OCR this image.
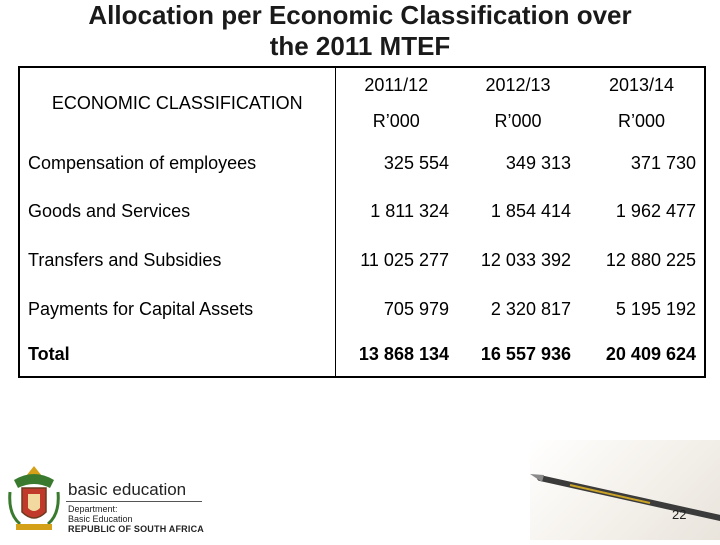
Allocation per Economic Classification over
the 2011 MTEF
ECONOMIC CLASSIFICATION	2011/12	2012/13	2013/14
	R’000	R’000	R’000
Compensation of employees	325 554	349 313	371 730
Goods and Services	1 811 324	1 854 414	1 962 477
Transfers and Subsidies	11 025 277	12 033 392	12 880 225
Payments for Capital Assets	705 979	2 320 817	5 195 192
Total	13 868 134	16 557 936	20 409 624
basic education
Department:
Basic Education
REPUBLIC OF SOUTH AFRICA
22
